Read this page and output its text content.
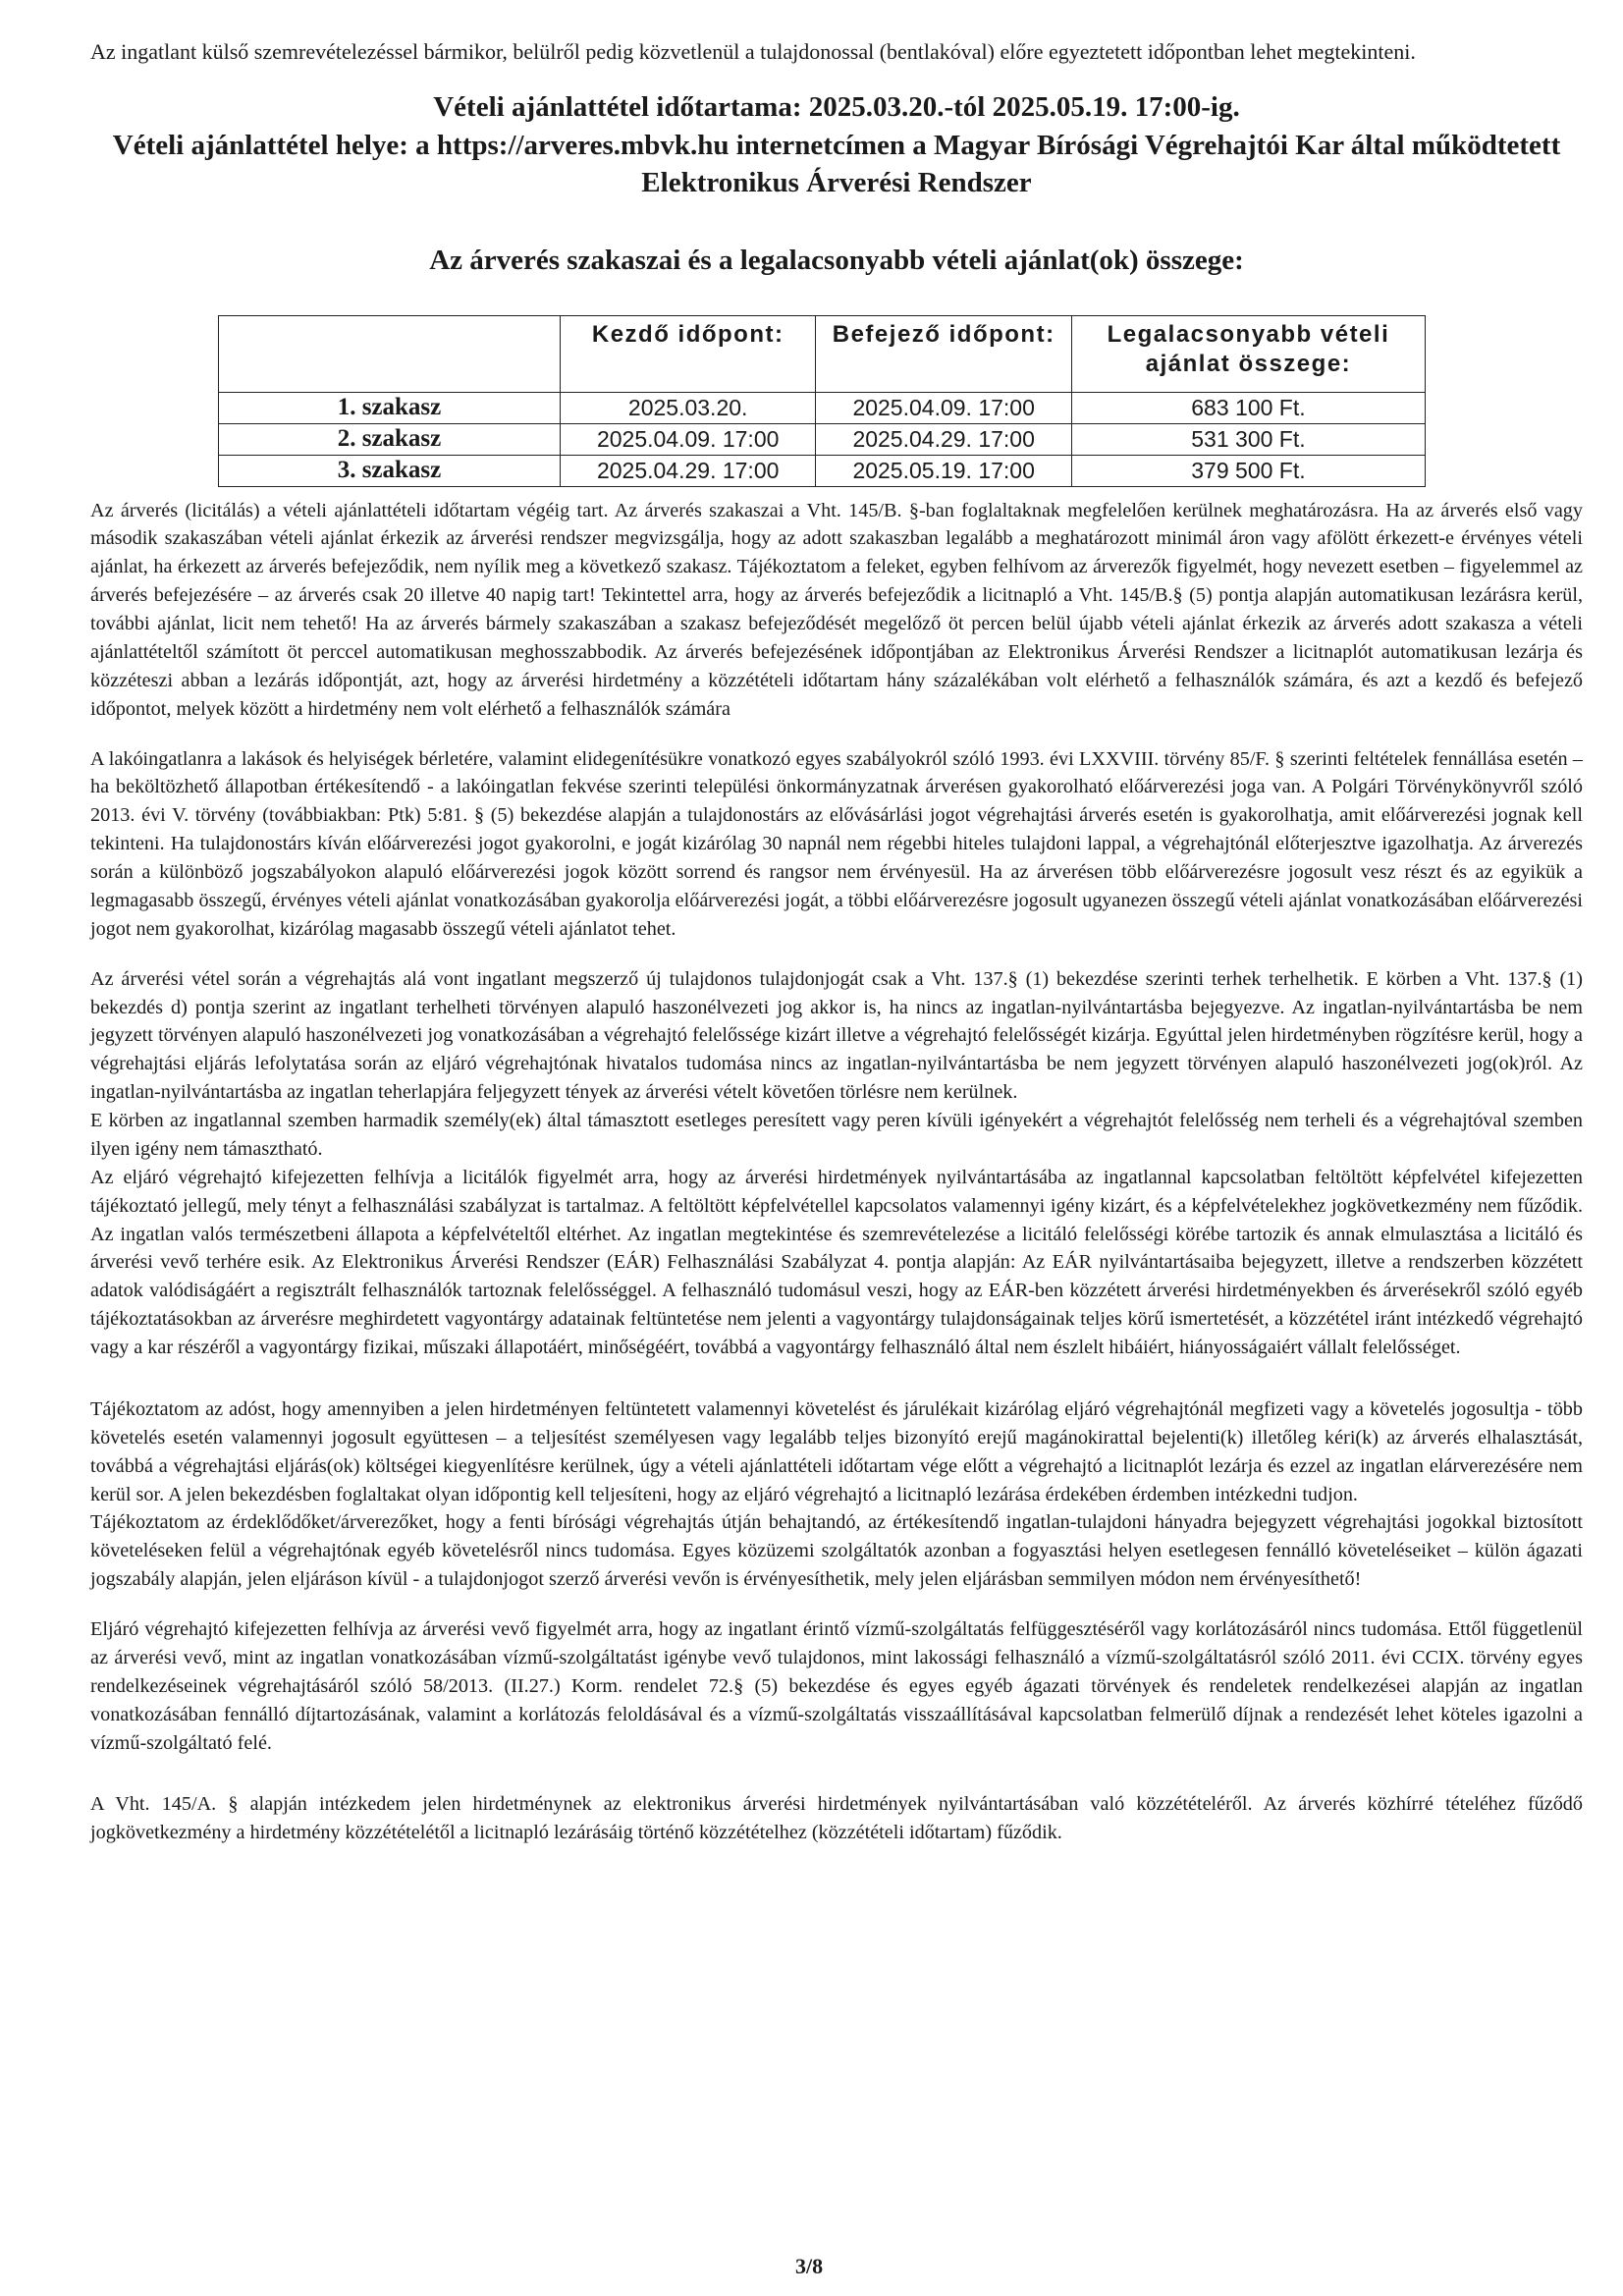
Az ingatlant külső szemrevételezéssel bármikor, belülről pedig közvetlenül a tulajdonossal (bentlakóval) előre egyeztetett időpontban lehet megtekinteni.

Vételi ajánlattétel időtartama: 2025.03.20.-tól 2025.05.19. 17:00-ig.

Vételi ajánlattétel helye: a https://arveres.mbvk.hu internetcímen a Magyar Bírósági Végrehajtói Kar által működtetett Elektronikus Árverési Rendszer

Az árverés szakaszai és a legalacsonyabb vételi ajánlat(ok) összege:

	Kezdő időpont:	Befejező időpont:	Legalacsonyabb vételi ajánlat összege:
1. szakasz	2025.03.20.	2025.04.09. 17:00	683 100 Ft.
2. szakasz	2025.04.09. 17:00	2025.04.29. 17:00	531 300 Ft.
3. szakasz	2025.04.29. 17:00	2025.05.19. 17:00	379 500 Ft.

Az árverés (licitálás) a vételi ajánlattételi időtartam végéig tart. Az árverés szakaszai a Vht. 145/B. §-ban foglaltaknak megfelelően kerülnek meghatározásra. Ha az árverés első vagy második szakaszában vételi ajánlat érkezik az árverési rendszer megvizsgálja, hogy az adott szakaszban legalább a meghatározott minimál áron vagy afölött érkezett-e érvényes vételi ajánlat, ha érkezett az árverés befejeződik, nem nyílik meg a következő szakasz. Tájékoztatom a feleket, egyben felhívom az árverezők figyelmét, hogy nevezett esetben – figyelemmel az árverés befejezésére – az árverés csak 20 illetve 40 napig tart! Tekintettel arra, hogy az árverés befejeződik a licitnapló a Vht. 145/B.§ (5) pontja alapján automatikusan lezárásra kerül, további ajánlat, licit nem tehető! Ha az árverés bármely szakaszában a szakasz befejeződését megelőző öt percen belül újabb vételi ajánlat érkezik az árverés adott szakasza a vételi ajánlattételtől számított öt perccel automatikusan meghosszabbodik. Az árverés befejezésének időpontjában az Elektronikus Árverési Rendszer a licitnaplót automatikusan lezárja és közzéteszi abban a lezárás időpontját, azt, hogy az árverési hirdetmény a közzétételi időtartam hány százalékában volt elérhető a felhasználók számára, és azt a kezdő és befejező időpontot, melyek között a hirdetmény nem volt elérhető a felhasználók számára

A lakóingatlanra a lakások és helyiségek bérletére, valamint elidegenítésükre vonatkozó egyes szabályokról szóló 1993. évi LXXVIII. törvény 85/F. § szerinti feltételek fennállása esetén – ha beköltözhető állapotban értékesítendő - a lakóingatlan fekvése szerinti települési önkormányzatnak árverésen gyakorolható előárverezési joga van. A Polgári Törvénykönyvről szóló 2013. évi V. törvény (továbbiakban: Ptk) 5:81. § (5) bekezdése alapján a tulajdonostárs az elővásárlási jogot végrehajtási árverés esetén is gyakorolhatja, amit előárverezési jognak kell tekinteni. Ha tulajdonostárs kíván előárverezési jogot gyakorolni, e jogát kizárólag 30 napnál nem régebbi hiteles tulajdoni lappal, a végrehajtónál előterjesztve igazolhatja. Az árverezés során a különböző jogszabályokon alapuló előárverezési jogok között sorrend és rangsor nem érvényesül. Ha az árverésen több előárverezésre jogosult vesz részt és az egyikük a legmagasabb összegű, érvényes vételi ajánlat vonatkozásában gyakorolja előárverezési jogát, a többi előárverezésre jogosult ugyanezen összegű vételi ajánlat vonatkozásában előárverezési jogot nem gyakorolhat, kizárólag magasabb összegű vételi ajánlatot tehet.

Az árverési vétel során a végrehajtás alá vont ingatlant megszerző új tulajdonos tulajdonjogát csak a Vht. 137.§ (1) bekezdése szerinti terhek terhelhetik. E körben a Vht. 137.§ (1) bekezdés d) pontja szerint az ingatlant terhelheti törvényen alapuló haszonélvezeti jog akkor is, ha nincs az ingatlan-nyilvántartásba bejegyezve. Az ingatlan-nyilvántartásba be nem jegyzett törvényen alapuló haszonélvezeti jog vonatkozásában a végrehajtó felelőssége kizárt illetve a végrehajtó felelősségét kizárja. Egyúttal jelen hirdetményben rögzítésre kerül, hogy a végrehajtási eljárás lefolytatása során az eljáró végrehajtónak hivatalos tudomása nincs az ingatlan-nyilvántartásba be nem jegyzett törvényen alapuló haszonélvezeti jog(ok)ról. Az ingatlan-nyilvántartásba az ingatlan teherlapjára feljegyzett tények az árverési vételt követően törlésre nem kerülnek.

E körben az ingatlannal szemben harmadik személy(ek) által támasztott esetleges peresített vagy peren kívüli igényekért a végrehajtót felelősség nem terheli és a végrehajtóval szemben ilyen igény nem támasztható.

Az eljáró végrehajtó kifejezetten felhívja a licitálók figyelmét arra, hogy az árverési hirdetmények nyilvántartásába az ingatlannal kapcsolatban feltöltött képfelvétel kifejezetten tájékoztató jellegű, mely tényt a felhasználási szabályzat is tartalmaz. A feltöltött képfelvétellel kapcsolatos valamennyi igény kizárt, és a képfelvételekhez jogkövetkezmény nem fűződik. Az ingatlan valós természetbeni állapota a képfelvételtől eltérhet. Az ingatlan megtekintése és szemrevételezése a licitáló felelősségi körébe tartozik és annak elmulasztása a licitáló és árverési vevő terhére esik. Az Elektronikus Árverési Rendszer (EÁR) Felhasználási Szabályzat 4. pontja alapján: Az EÁR nyilvántartásaiba bejegyzett, illetve a rendszerben közzétett adatok valódiságáért a regisztrált felhasználók tartoznak felelősséggel. A felhasználó tudomásul veszi, hogy az EÁR-ben közzétett árverési hirdetményekben és árverésekről szóló egyéb tájékoztatásokban az árverésre meghirdetett vagyontárgy adatainak feltüntetése nem jelenti a vagyontárgy tulajdonságainak teljes körű ismertetését, a közzététel iránt intézkedő végrehajtó vagy a kar részéről a vagyontárgy fizikai, műszaki állapotáért, minőségéért, továbbá a vagyontárgy felhasználó által nem észlelt hibáiért, hiányosságaiért vállalt felelősséget.

Tájékoztatom az adóst, hogy amennyiben a jelen hirdetményen feltüntetett valamennyi követelést és járulékait kizárólag eljáró végrehajtónál megfizeti vagy a követelés jogosultja - több követelés esetén valamennyi jogosult együttesen – a teljesítést személyesen vagy legalább teljes bizonyító erejű magánokirattal bejelenti(k) illetőleg kéri(k) az árverés elhalasztását, továbbá a végrehajtási eljárás(ok) költségei kiegyenlítésre kerülnek, úgy a vételi ajánlattételi időtartam vége előtt a végrehajtó a licitnaplót lezárja és ezzel az ingatlan elárverezésére nem kerül sor. A jelen bekezdésben foglaltakat olyan időpontig kell teljesíteni, hogy az eljáró végrehajtó a licitnapló lezárása érdekében érdemben intézkedni tudjon.

Tájékoztatom az érdeklődőket/árverezőket, hogy a fenti bírósági végrehajtás útján behajtandó, az értékesítendő ingatlan-tulajdoni hányadra bejegyzett végrehajtási jogokkal biztosított követeléseken felül a végrehajtónak egyéb követelésről nincs tudomása. Egyes közüzemi szolgáltatók azonban a fogyasztási helyen esetlegesen fennálló követeléseiket – külön ágazati jogszabály alapján, jelen eljáráson kívül - a tulajdonjogot szerző árverési vevőn is érvényesíthetik, mely jelen eljárásban semmilyen módon nem érvényesíthető!

Eljáró végrehajtó kifejezetten felhívja az árverési vevő figyelmét arra, hogy az ingatlant érintő vízmű-szolgáltatás felfüggesztéséről vagy korlátozásáról nincs tudomása. Ettől függetlenül az árverési vevő, mint az ingatlan vonatkozásában vízmű-szolgáltatást igénybe vevő tulajdonos, mint lakossági felhasználó a vízmű-szolgáltatásról szóló 2011. évi CCIX. törvény egyes rendelkezéseinek végrehajtásáról szóló 58/2013. (II.27.) Korm. rendelet 72.§ (5) bekezdése és egyes egyéb ágazati törvények és rendeletek rendelkezései alapján az ingatlan vonatkozásában fennálló díjtartozásának, valamint a korlátozás feloldásával és a vízmű-szolgáltatás visszaállításával kapcsolatban felmerülő díjnak a rendezését lehet köteles igazolni a vízmű-szolgáltató felé.

A Vht. 145/A. § alapján intézkedem jelen hirdetménynek az elektronikus árverési hirdetmények nyilvántartásában való közzétételéről. Az árverés közhírré tételéhez fűződő jogkövetkezmény a hirdetmény közzétételétől a licitnapló lezárásáig történő közzétételhez (közzétételi időtartam) fűződik.

3/8
